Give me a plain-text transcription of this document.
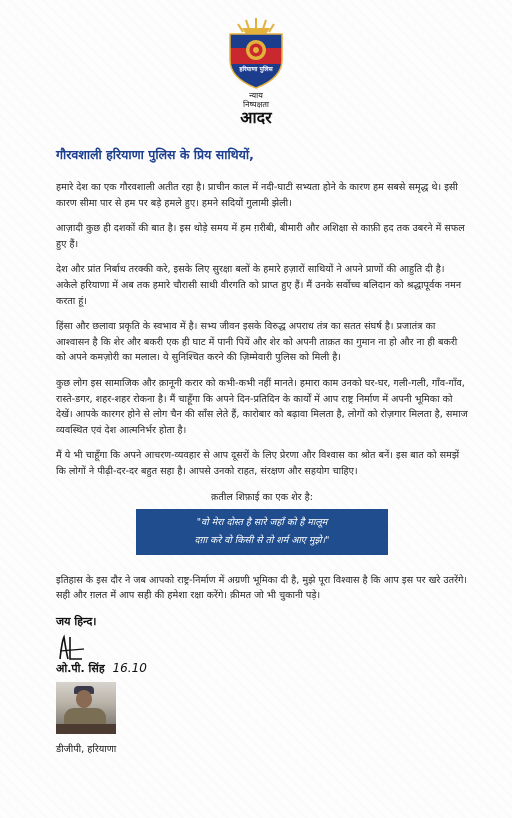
हरियाणा पुलिस
न्याय
निष्पक्षता
आदर

गौरवशाली हरियाणा पुलिस के प्रिय साथियों,

हमारे देश का एक गौरवशाली अतीत रहा है। प्राचीन काल में नदी-घाटी सभ्यता होने के कारण हम सबसे समृद्ध थे। इसी कारण सीमा पार से हम पर बड़े हमले हुए। हमने सदियों गुलामी झेली।

आज़ादी कुछ ही दशकों की बात है। इस थोड़े समय में हम ग़रीबी, बीमारी और अशिक्षा से काफ़ी हद तक उबरने में सफल हुए हैं।

देश और प्रांत निर्बाध तरक्की करे, इसके लिए सुरक्षा बलों के हमारे हज़ारों साथियों ने अपने प्राणों की आहुति दी है। अकेले हरियाणा में अब तक हमारे चौरासी साथी वीरगति को प्राप्त हुए हैं। मैं उनके सर्वोच्च बलिदान को श्रद्धापूर्वक नमन करता हूं।

हिंसा और छलावा प्रकृति के स्वभाव में है। सभ्य जीवन इसके विरुद्ध अपराध तंत्र का सतत संघर्ष है। प्रजातंत्र का आश्वासन है कि शेर और बकरी एक ही घाट में पानी पियें और शेर को अपनी ताक़त का गुमान ना हो और ना ही बकरी को अपने कमज़ोरी का मलाल। ये सुनिश्चित करने की ज़िम्मेवारी पुलिस को मिली है।

कुछ लोग इस सामाजिक और क़ानूनी करार को कभी-कभी नहीं मानते। हमारा काम उनको घर-घर, गली-गली, गाँव-गाँव, रास्ते-डगर, शहर-शहर रोकना है। मैं चाहूँगा कि अपने दिन-प्रतिदिन के कार्यों में आप राष्ट्र निर्माण में अपनी भूमिका को देखें। आपके कारगर होने से लोग चैन की साँस लेते हैं, कारोबार को बढ़ावा मिलता है, लोगों को रोज़गार मिलता है, समाज व्यवस्थित एवं देश आत्मनिर्भर होता है।

मैं ये भी चाहूँगा कि अपने आचरण-व्यवहार से आप दूसरों के लिए प्रेरणा और विश्वास का श्रोत बनें। इस बात को समझें कि लोगों ने पीढ़ी-दर-दर बहुत सहा है। आपसे उनको राहत, संरक्षण और सहयोग चाहिए।

क़तील शिफ़ाई का एक शेर है:

"वो मेरा दोस्त है सारे जहाँ को है मालूम
दग़ा करे वो किसी से तो शर्म आए मुझे।"

इतिहास के इस दौर ने जब आपको राष्ट्र-निर्माण में अग्रणी भूमिका दी है, मुझे पूरा विश्वास है कि आप इस पर खरे उतरेंगे। सही और ग़लत में आप सही की हमेशा रक्षा करेंगे। क़ीमत जो भी चुकानी पड़े।

जय हिन्द।
ओ.पी. सिंह 16.10
डीजीपी, हरियाणा
